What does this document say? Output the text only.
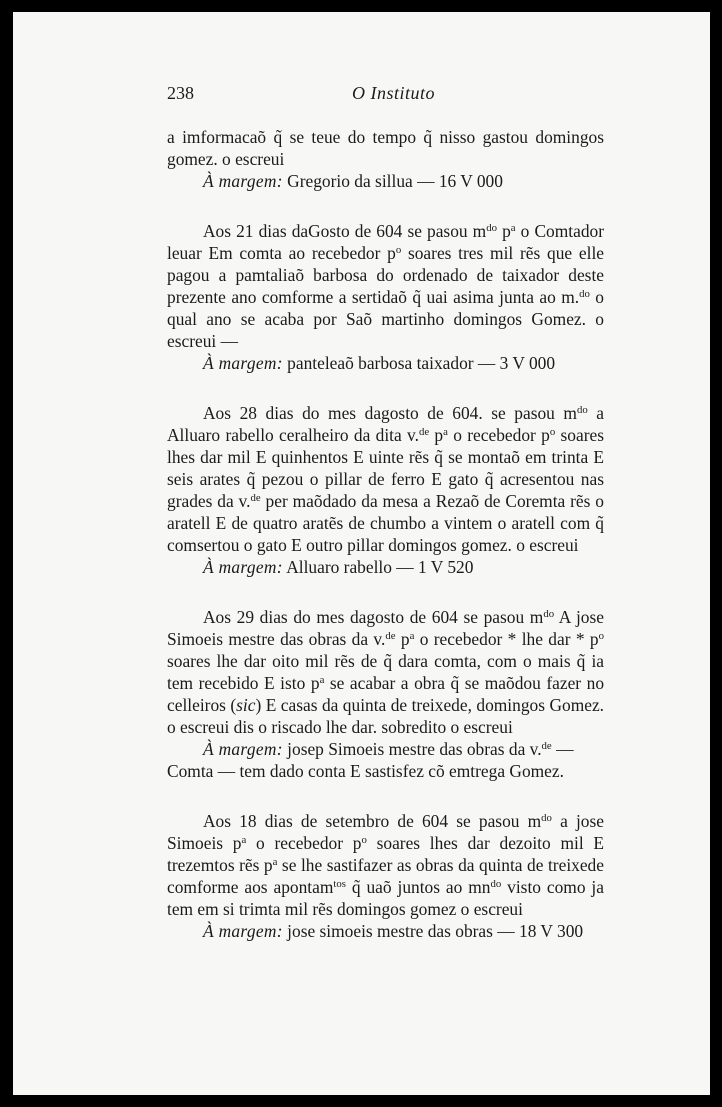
238	O Instituto

a imformacaõ q̃ se teue do tempo q̃ nisso gastou domingos gomez. o escreui

À margem: Gregorio da sillua — 16 V 000

Aos 21 dias daGosto de 604 se pasou $m^{do}$ $p^a$ o Comtador leuar Em comta ao recebedor $p^o$ soares tres mil rẽs que elle pagou a pamtaliaõ barbosa do ordenado de taixador deste prezente ano comforme a sertidaõ q̃ uai asima junta ao m.$^{do}$ o qual ano se acaba por Saõ martinho domingos Gomez. o escreui —

À margem: panteleaõ barbosa taixador — 3 V 000

Aos 28 dias do mes dagosto de 604. se pasou $m^{do}$ a Alluaro rabello ceralheiro da dita v.$^{de}$ $p^a$ o recebedor $p^o$ soares lhes dar mil E quinhentos E uinte rẽs q̃ se montaõ em trinta E seis arates q̃ pezou o pillar de ferro E gato q̃ acresentou nas grades da v.$^{de}$ per maõdado da mesa a Rezaõ de Coremta rẽs o aratell E de quatro aratẽs de chumbo a vintem o aratell com q̃ comsertou o gato E outro pillar domingos gomez. o escreui

À margem: Alluaro rabello — 1 V 520

Aos 29 dias do mes dagosto de 604 se pasou $m^{do}$ A jose Simoeis mestre das obras da v.$^{de}$ $p^a$ o recebedor * lhe dar * $p^o$ soares lhe dar oito mil rẽs de q̃ dara comta, com o mais q̃ ia tem recebido E isto $p^a$ se acabar a obra q̃ se maõdou fazer no celleiros (sic) E casas da quinta de treixede, domingos Gomez. o escreui dis o riscado lhe dar. sobredito o escreui

À margem: josep Simoeis mestre das obras da v.$^{de}$ — Comta — tem dado conta E sastisfez cõ emtrega Gomez.

Aos 18 dias de setembro de 604 se pasou $m^{do}$ a jose Simoeis $p^a$ o recebedor $p^o$ soares lhes dar dezoito mil E trezemtos rẽs $p^a$ se lhe sastifazer as obras da quinta de treixede comforme aos apontam$^{tos}$ q̃ uaõ juntos ao $mn^{do}$ visto como ja tem em si trimta mil rẽs domingos gomez o escreui

À margem: jose simoeis mestre das obras — 18 V 300
